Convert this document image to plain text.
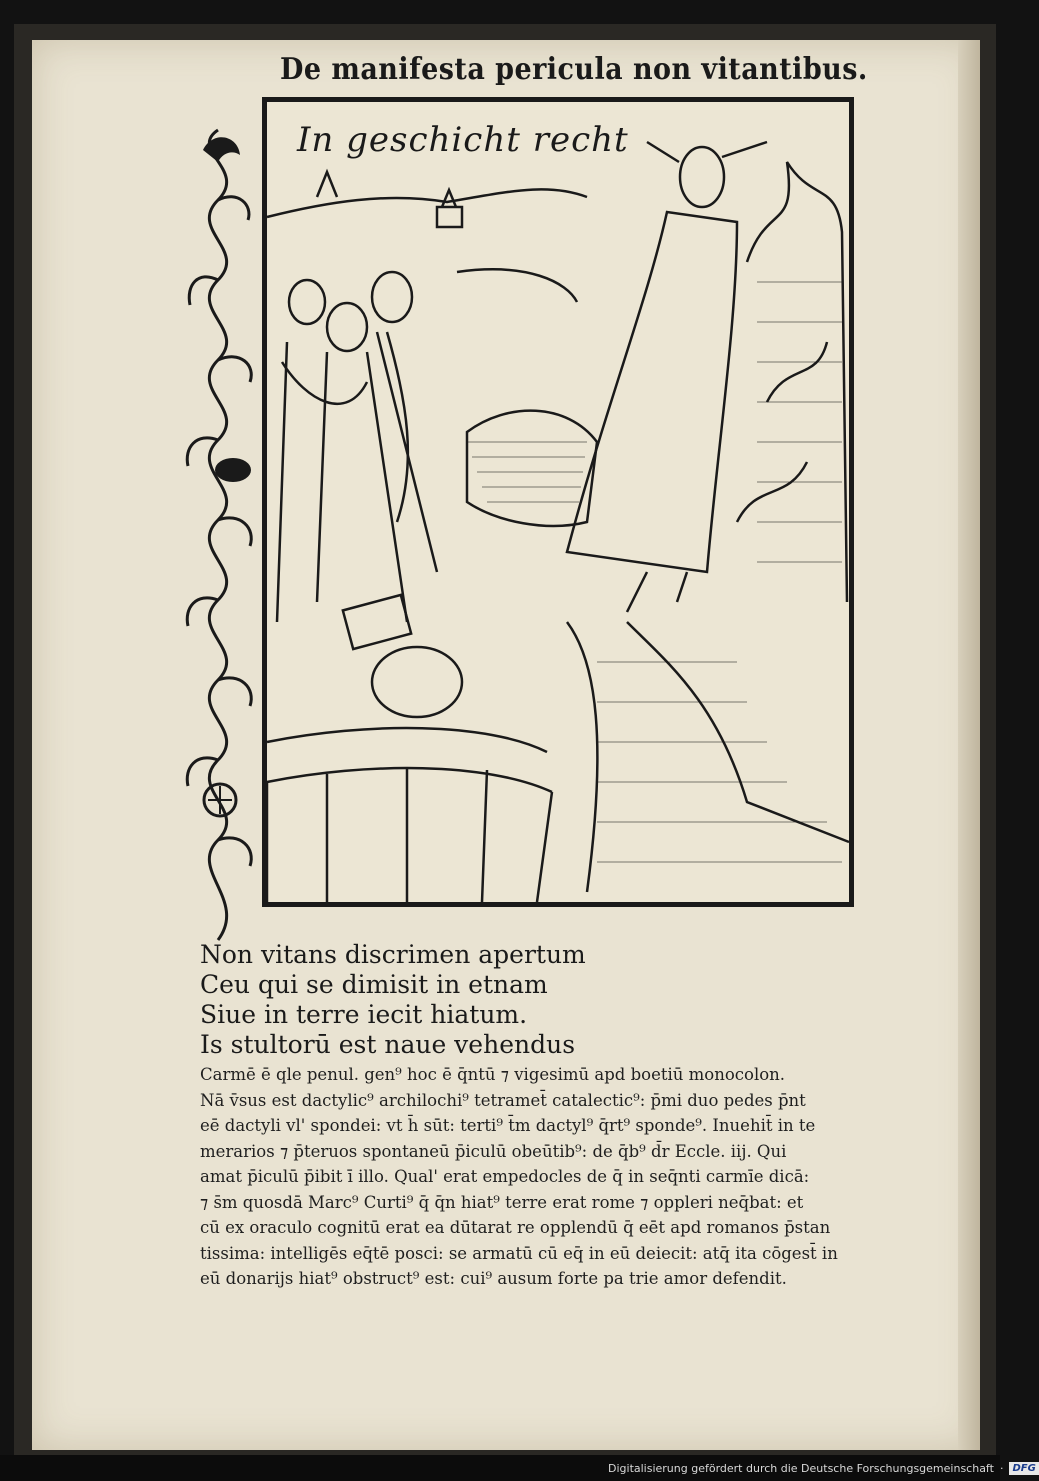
De manifesta pericula non vitantibus.
In geschicht recht
Non vitans discrimen apertum
Ceu qui se dimisit in etnam
Siue in terre iecit hiatum.
Is stultorū est naue vehendus
Carmē ē qle penul. gen⁹ hoc ē q̄ntū ⁊ vigesimū apd boetiū monocolon.
Nā v̄sus est dactylic⁹ archilochi⁹ tetramet̄ catalectic⁹: p̄mi duo pedes p̄nt
eē dactyli vl' spondei: vt h̄ sūt: terti⁹ t̄m dactyl⁹ q̄rt⁹ sponde⁹. Inuehit̄ in te
merarios ⁊ p̄teruos spontaneū p̄iculū obeūtib⁹: de q̄b⁹ d̄r Eccle. iij. Qui
amat p̄iculū p̄ibit ī illo. Qual' erat empedocles de q̄ in seq̄nti carmīe dicā:
⁊ s̄m quosdā Marc⁹ Curti⁹ q̄ q̄n hiat⁹ terre erat rome ⁊ oppleri neq̄bat: et
cū ex oraculo cognitū erat ea dūtarat re opplendū q̄ eēt apd romanos p̄stan
tissima: intelligēs eq̄tē posci: se armatū cū eq̄ in eū deiecit: atq̄ ita cōgest̄ in
eū donarijs hiat⁹ obstruct⁹ est: cui⁹ ausum forte pa trie amor defendit.
Digitalisierung gefördert durch die Deutsche Forschungsgemeinschaft · DFG
